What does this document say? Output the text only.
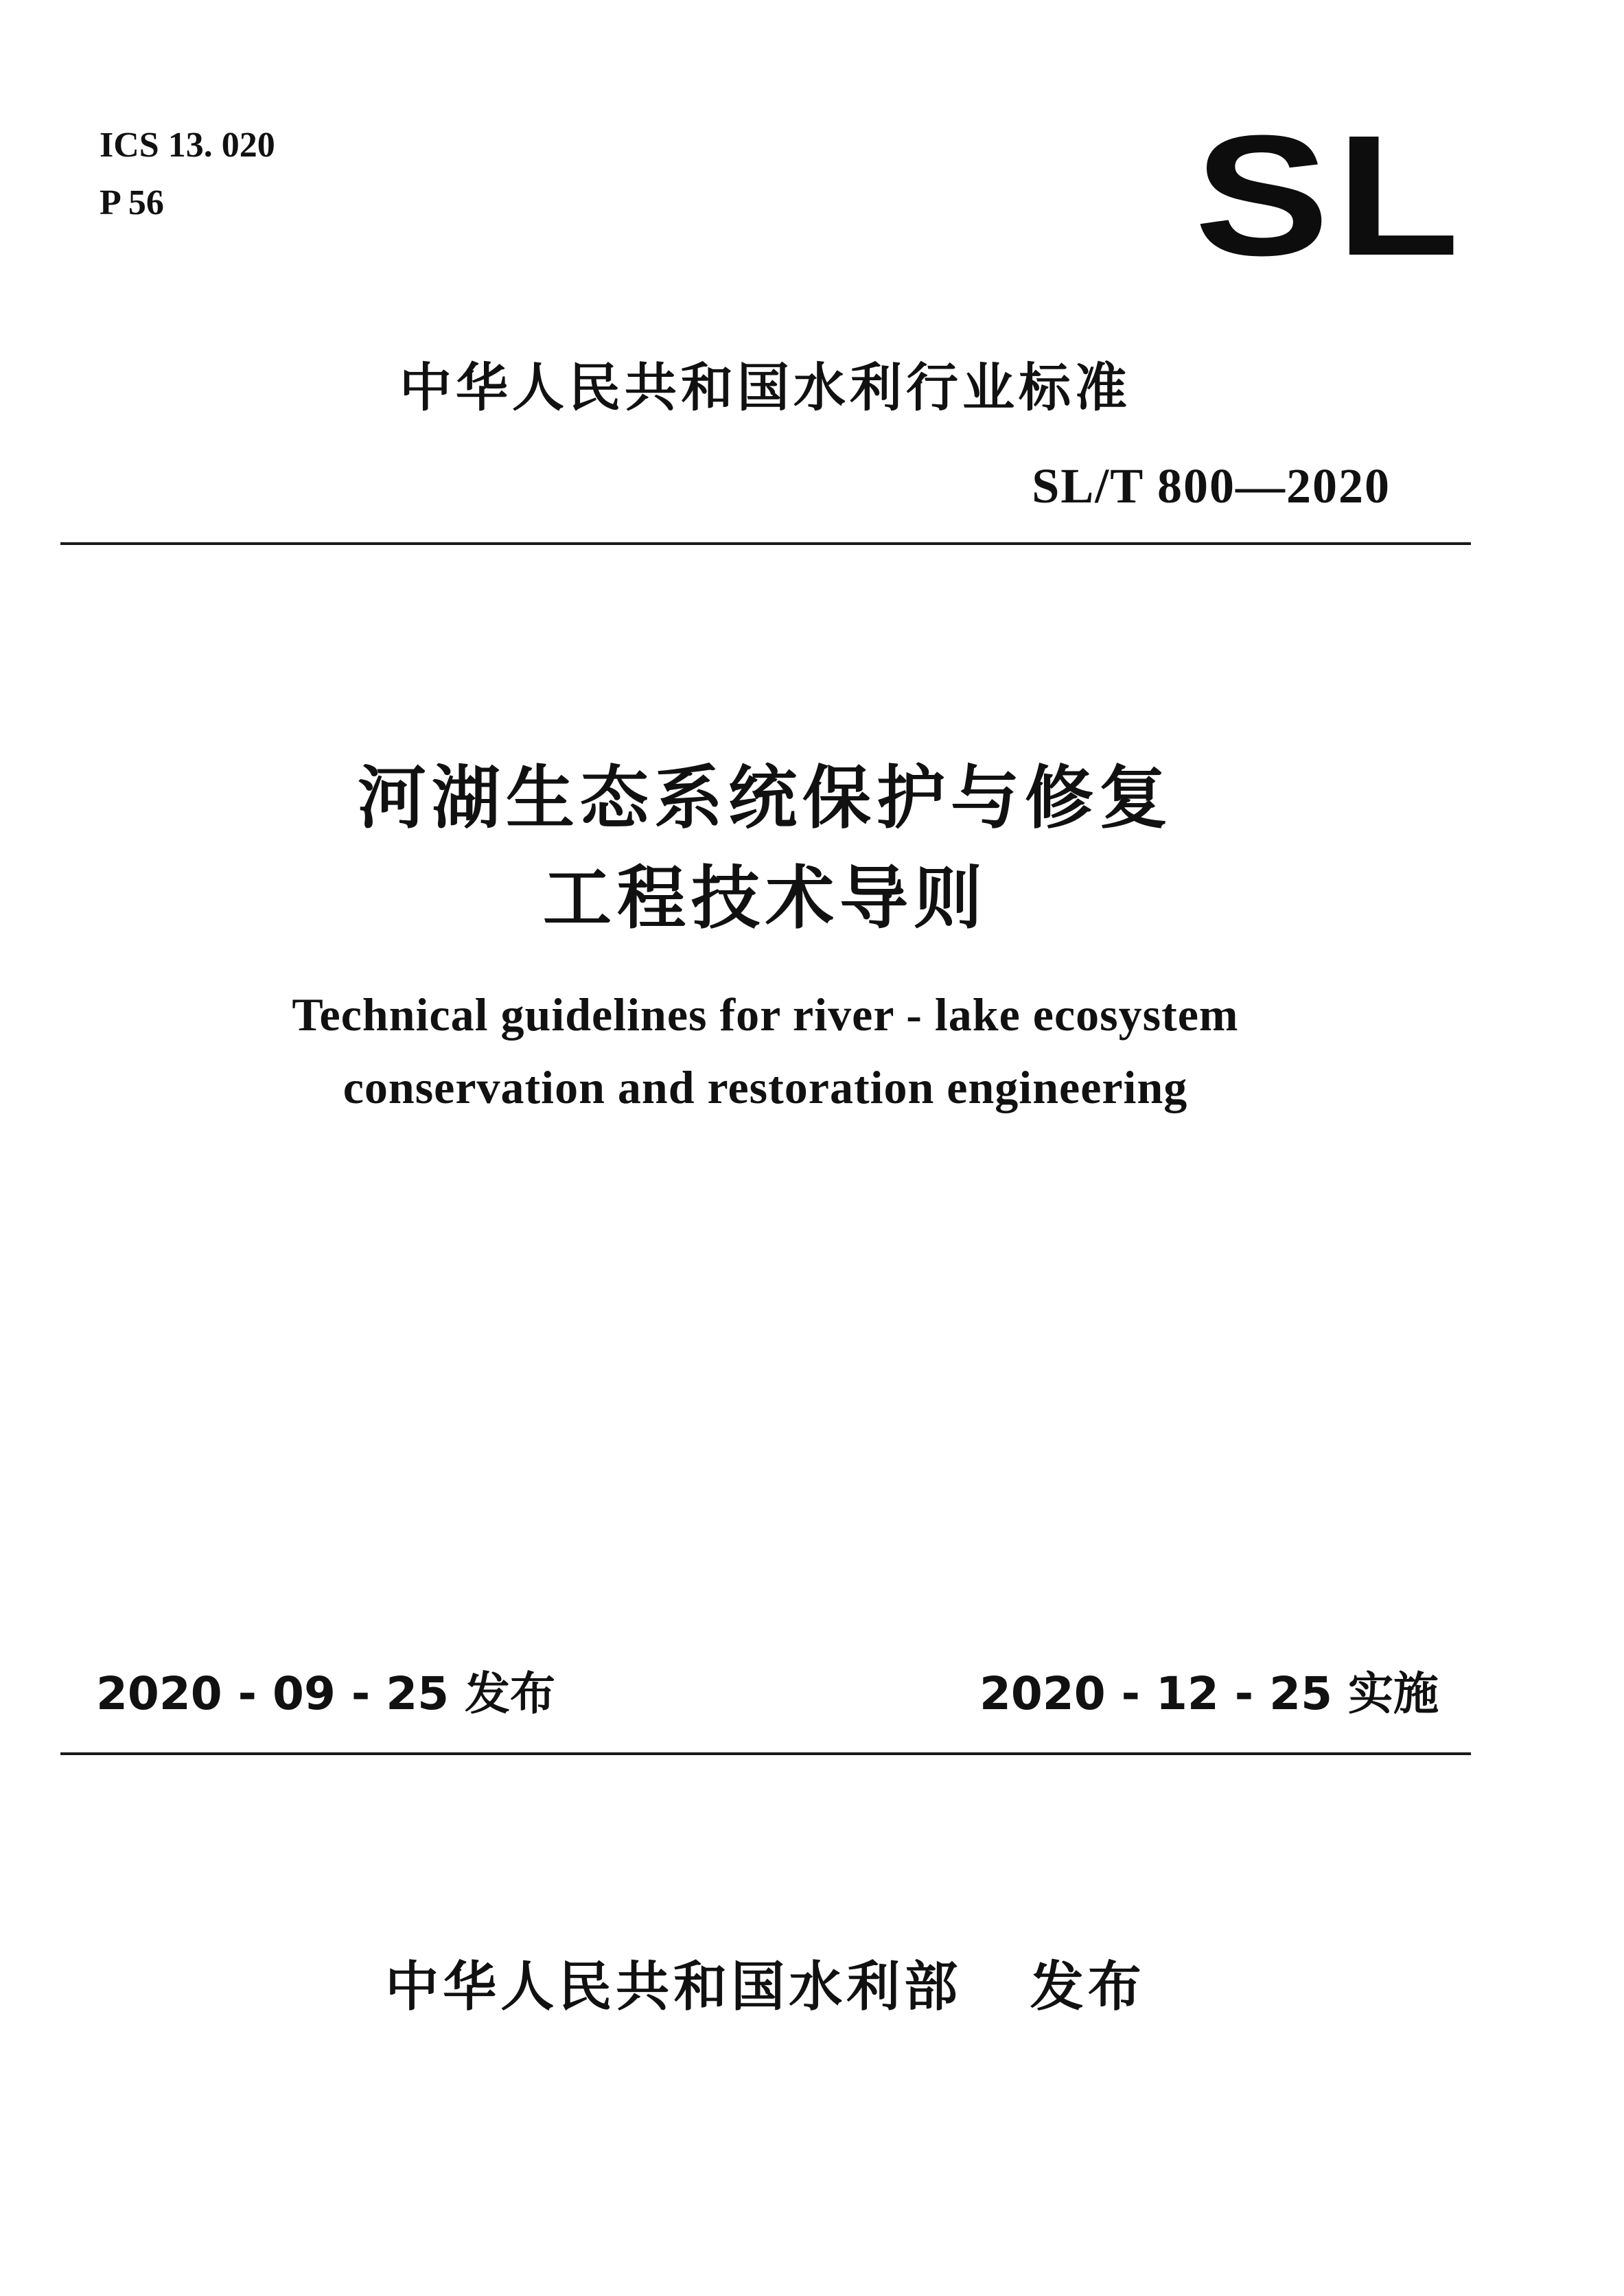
ICS 13. 020
P 56	SL
中华人民共和国水利行业标准
SL/T 800—2020
河湖生态系统保护与修复
工程技术导则
Technical guidelines for river - lake ecosystem
conservation and restoration engineering
2020 - 09 - 25 发布	2020 - 12 - 25 实施
中华人民共和国水利部   发布
